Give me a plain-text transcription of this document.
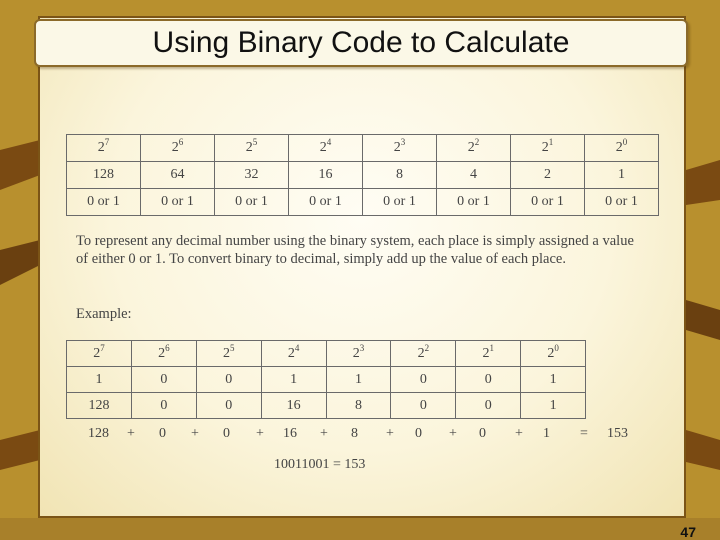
Using Binary Code to Calculate
$2^7$	$2^6$	$2^5$	$2^4$	$2^3$	$2^2$	$2^1$	$2^0$
128	64	32	16	8	4	2	1
0 or 1	0 or 1	0 or 1	0 or 1	0 or 1	0 or 1	0 or 1	0 or 1
To represent any decimal number using the binary system, each place is simply assigned a value of either 0 or 1. To convert binary to decimal, simply add up the value of each place.
Example:
$2^7$	$2^6$	$2^5$	$2^4$	$2^3$	$2^2$	$2^1$	$2^0$
1	0	0	1	1	0	0	1
128	0	0	16	8	0	0	1
128 + 0 + 0 + 16 + 8 + 0 + 0 + 1 = 153
10011001 = 153
47
